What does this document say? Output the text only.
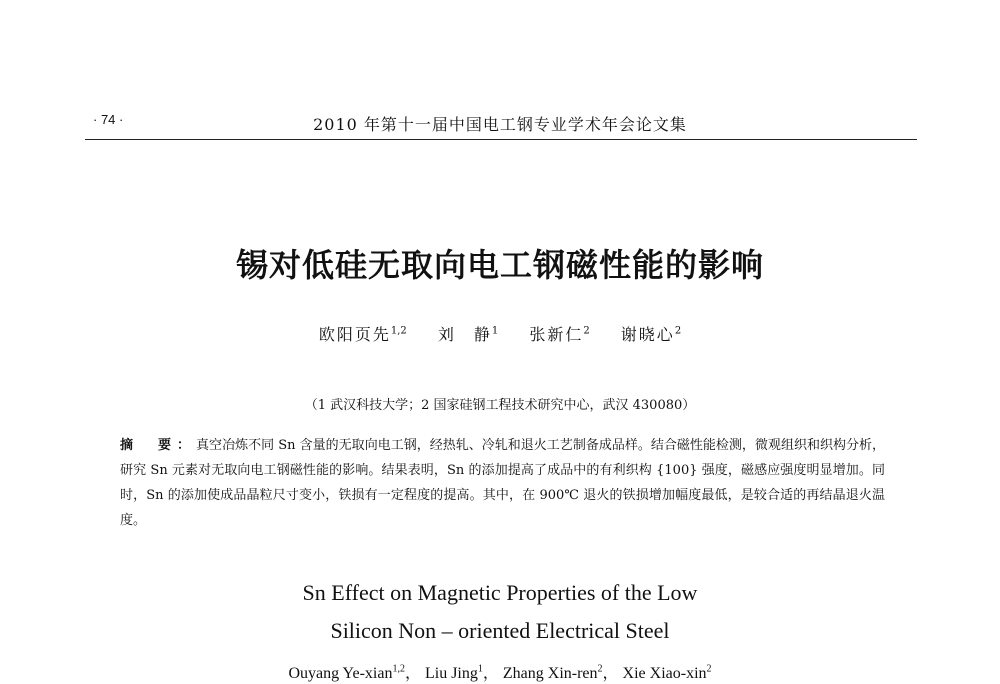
· 74 ·	2010 年第十一届中国电工钢专业学术年会论文集
锡对低硅无取向电工钢磁性能的影响
欧阳页先$^{1,2}$ 刘　静$^1$ 张新仁$^2$ 谢晓心$^2$
（1 武汉科技大学；2 国家硅钢工程技术研究中心，武汉 430080）
摘　要：真空冶炼不同 Sn 含量的无取向电工钢，经热轧、冷轧和退火工艺制备成品样。结合磁性能检测，微观组织和织构分析，研究 Sn 元素对无取向电工钢磁性能的影响。结果表明，Sn 的添加提高了成品中的有利织构 {100} 强度，磁感应强度明显增加。同时，Sn 的添加使成品晶粒尺寸变小，铁损有一定程度的提高。其中，在 900℃ 退火的铁损增加幅度最低，是较合适的再结晶退火温度。
Sn Effect on Magnetic Properties of the Low
Silicon Non – oriented Electrical Steel
Ouyang Ye-xian$^{1,2}$， Liu Jing$^1$， Zhang Xin-ren$^2$， Xie Xiao-xin$^2$
